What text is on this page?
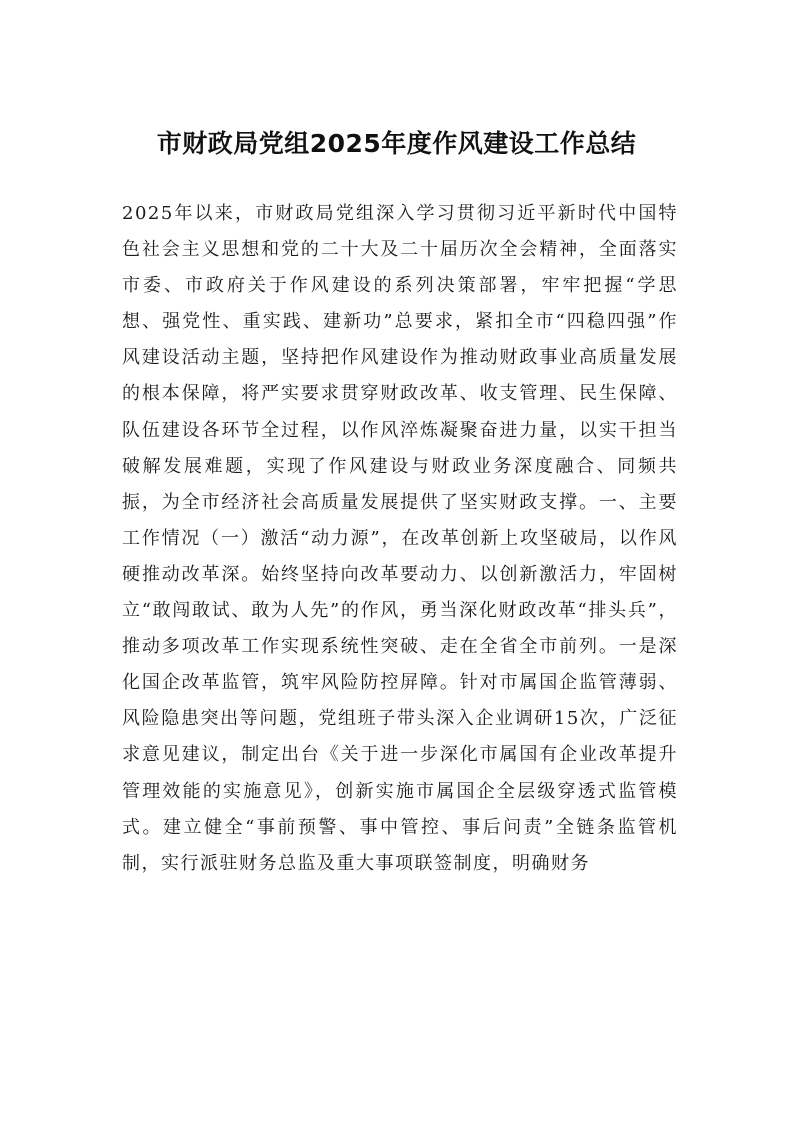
市财政局党组2025年度作风建设工作总结

2025年以来，市财政局党组深入学习贯彻习近平新时代中国特色社会主义思想和党的二十大及二十届历次全会精神，全面落实市委、市政府关于作风建设的系列决策部署，牢牢把握“学思想、强党性、重实践、建新功”总要求，紧扣全市“四稳四强”作风建设活动主题，坚持把作风建设作为推动财政事业高质量发展的根本保障，将严实要求贯穿财政改革、收支管理、民生保障、队伍建设各环节全过程，以作风淬炼凝聚奋进力量，以实干担当破解发展难题，实现了作风建设与财政业务深度融合、同频共振，为全市经济社会高质量发展提供了坚实财政支撑。一、主要工作情况（一）激活“动力源”，在改革创新上攻坚破局，以作风硬推动改革深。始终坚持向改革要动力、以创新激活力，牢固树立“敢闯敢试、敢为人先”的作风，勇当深化财政改革“排头兵”，推动多项改革工作实现系统性突破、走在全省全市前列。一是深化国企改革监管，筑牢风险防控屏障。针对市属国企监管薄弱、风险隐患突出等问题，党组班子带头深入企业调研15次，广泛征求意见建议，制定出台《关于进一步深化市属国有企业改革提升管理效能的实施意见》，创新实施市属国企全层级穿透式监管模式。建立健全“事前预警、事中管控、事后问责”全链条监管机制，实行派驻财务总监及重大事项联签制度，明确财务
